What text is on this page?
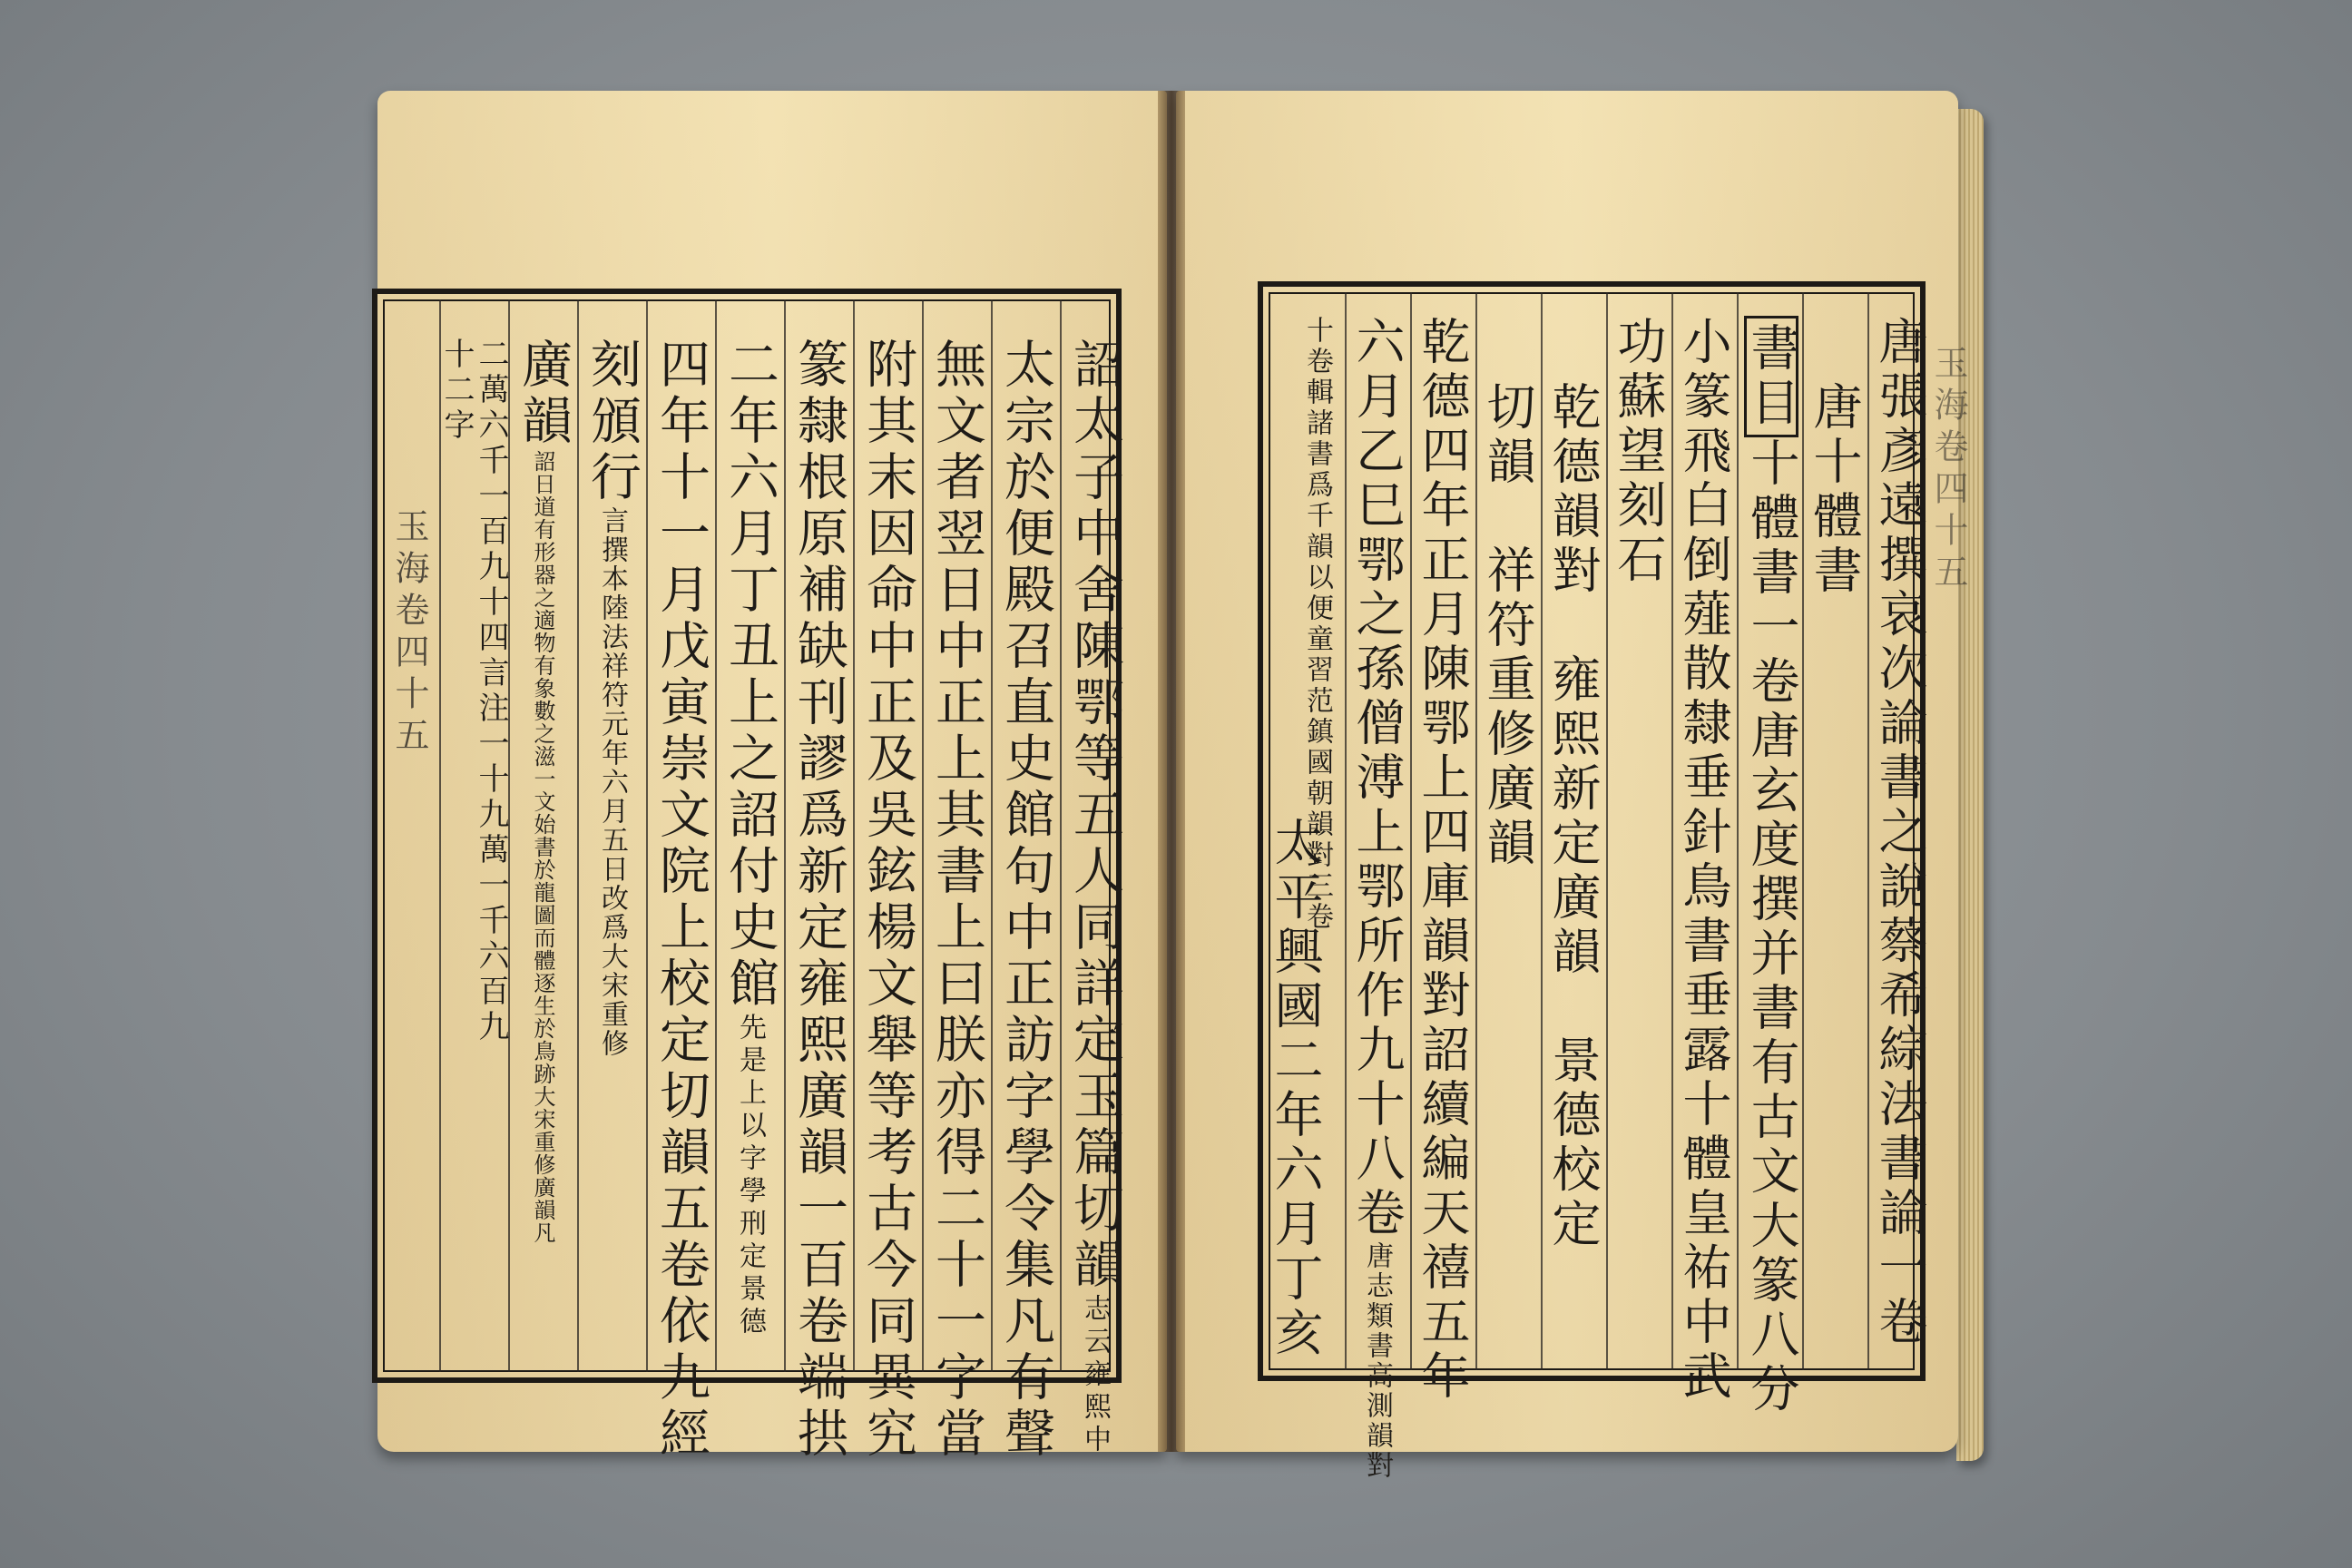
詔太子中舍陳鄂等五人同詳定玉篇切韻志云雍熙中
太宗於便殿召直史館句中正訪字學令集凡有聲
無文者翌日中正上其書上曰朕亦得二十一字當
附其末因命中正及吳鉉楊文舉等考古今同異究
篆隸根原補缺刊謬爲新定雍熙廣韻一百卷端拱
二年六月丁丑上之詔付史館先是上以字學刑定景德
四年十一月戊寅崇文院上校定切韻五卷依九經
刻頒行言撰本陸法祥符元年六月五日改爲大宋重修
廣韻詔日道有形器之適物有象數之滋一文始書於龍圖而體逐生於鳥跡大宋重修廣韻凡
二萬六千一百九十四言注一十九萬一千六百九
十二字
玉海卷四十五	唐張彥遠撰哀次論書之說蔡希綜法書論一卷
唐十體書
書目十體書一卷唐玄度撰并書有古文大篆八分
小篆飛白倒薤散隸垂針鳥書垂露十體皇祐中武
功蘇望刻石
乾德韻對　雍熙新定廣韻　景德校定
切韻　祥符重修廣韻
乾德四年正月陳鄂上四庫韻對詔續編天禧五年
六月乙巳鄂之孫僧溥上鄂所作九十八卷唐志類書高測韻對
十卷輯諸書爲千韻以便童習范鎮國朝韻對三卷
太平興國二年六月丁亥
玉海卷四十五
